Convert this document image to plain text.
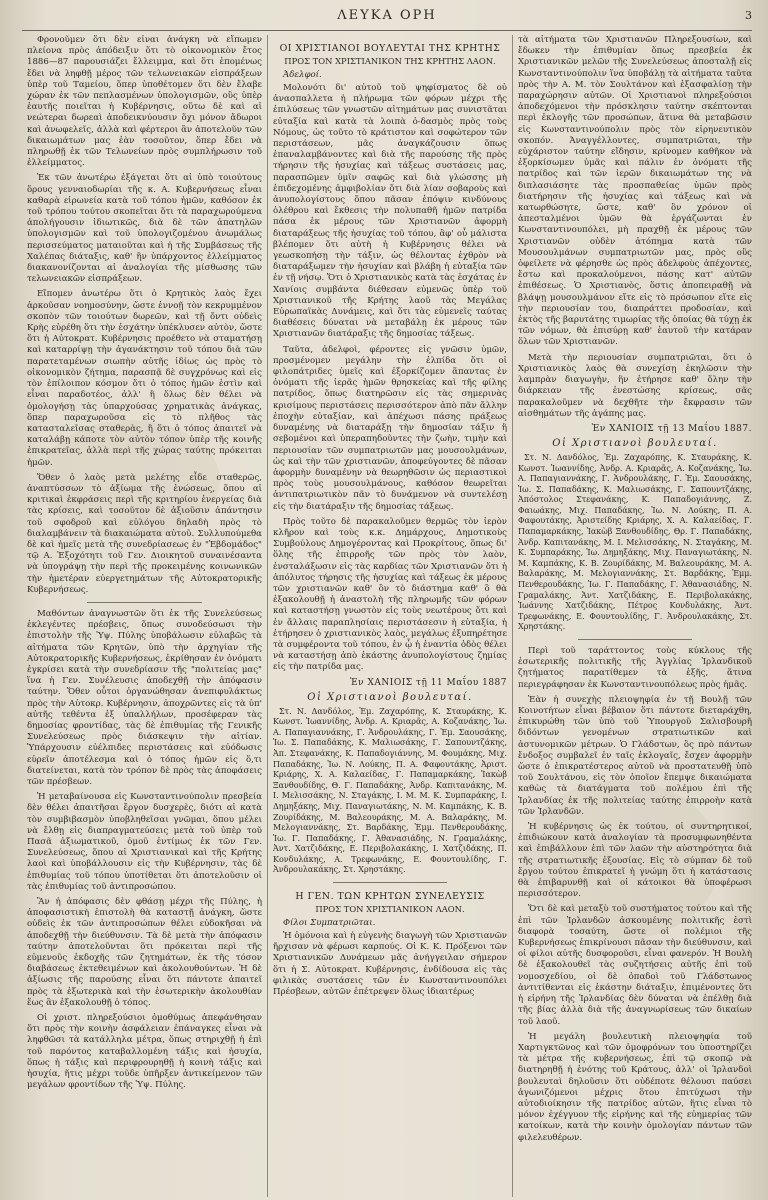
ΛΕΥΚΑ ΟΡΗ	3

Φρονοῦμεν ὅτι δὲν εἶναι ἀνάγκη νὰ εἴπωμεν πλείονα πρὸς ἀπόδειξιν ὅτι τὸ οἰκονομικὸν ἔτος 1886—87 παρουσιάζει ἔλλειμμα, καὶ ὅτι ἑπομένως ἔδει νὰ ληφθῇ μέρος τῶν τελωνειακῶν εἰσπράξεων ὑπὲρ τοῦ Ταμείου, ὅπερ ὑποθέτομεν ὅτι δὲν ἔλαβε χώραν ἐκ τῶν πεπλασμένων ὑπολογισμῶν, οὓς ὑπὲρ ἑαυτῆς ποιεῖται ἡ Κυβέρνησις, οὕτω δὲ καὶ αἱ νεώτεραι δωρεαὶ ἀποδεικνύουσιν ὅχι μόνον ἄδωροι καὶ ἀνωφελεῖς, ἀλλὰ καὶ φέρτεροι ἂν ἀποτελοῦν τῶν δικαιωμάτων μας ἐὰν τοσοῦτον, ὅπερ ἔδει νὰ πληρωθῇ ἐκ τῶν Τελωνείων πρὸς συμπλήρωσιν τοῦ ἐλλείμματος.

Ἐκ τῶν ἀνωτέρω ἐξάγεται ὅτι αἱ ὑπὸ τοιούτους ὅρους γενναιοδωρίαι τῆς κ. Α. Κυβερνήσεως εἶναι καθαρὰ εἰρωνεία κατὰ τοῦ τόπου ἡμῶν, καθόσον ἐκ τοῦ τρόπου τούτου σκοπεῖται ὅτι τὰ παραχωρούμενα ἀπολήγουσιν ἰδιωτικῶς, διὰ δὲ τῶν ἀπατηλῶν ὑπολογισμῶν καὶ τοῦ ὑπολογιζομένου ἀνωμάλως περισσεύματος ματαιοῦται καὶ ἡ τῆς Συμβάσεως τῆς Χαλέπας διάταξις, καθ' ἣν ὑπάρχοντος ἐλλείμματος διακανονίζονται αἱ ἀναλογίαι τῆς μίσθωσης τῶν τελωνειακῶν εἰσπράξεων.

Εἴπομεν ἀνωτέρω ὅτι ὁ Κρητικὸς λαὸς ἔχει ἀρκοῦσαν νοημοσύνην, ὥστε ἐννοῇ τὸν κεκρυμμένον σκοπὸν τῶν τοιούτων δωρεῶν, καὶ τῇ ὄντι οὐδεὶς Κρὴς εὑρέθη ὅτι τὴν ἐσχάτην ὑπέκλυσεν αὐτὸν, ὥστε ὅτι ἡ Αὐτοκρατ. Κυβέρνησις προέθετο νὰ σταματήσῃ καὶ καταρρίψῃ τὴν ἀγανάκτησιν τοῦ τόπου διὰ τῶν παρατεταμένων σιωπὴν αὐτῆς ἰδίως ὡς πρὸς τὸ οἰκονομικὸν ζήτημα, παρασπᾷ δὲ συγχρόνως καὶ εἰς τὸν ἐπίλοιπον κόσμον ὅτι ὁ τόπος ἡμῶν ἐστὶν καὶ εἶναι παραδοτέος, ἀλλ' ἢ ὅλως δὲν θέλει νὰ ὁμολογήσῃ τὰς ὑπαρχούσας χρηματικὰς ἀνάγκας, ὅπερ παραχωροῦσα εἰς τὸ πλῆθος τὰς κατασταλεῖσας σταθερὰς, ἢ ὅτι ὁ τόπος ἀπαιτεῖ νὰ καταλάβῃ κάποτε τὸν αὐτὸν τόπον ὑπὲρ τῆς κοινῆς ἐπικρατεῖας, ἀλλὰ περὶ τῆς χώρας ταύτης πρόκειται ἡμῶν.

Ὅθεν ὁ λαὸς μετὰ μελέτης εἶδε σταθερῶς, ἀναπτύσσων τὸ ἀξίωμα τῆς ἐνώσεως, ὅπου αἱ κριτικαὶ ἐκφράσεις περὶ τῆς κριτηρίου ἐνεργείας διὰ τὰς κρίσεις, καὶ τοσοῦτον δὲ ἀξιοῦσιν ἀπάντησιν τοῦ σφοδροῦ καὶ εὐλόγου δηλαδὴ πρὸς τὸ διαλαμβάνειν τὰ διακαιώματα αὐτοῦ. Συλλυπούμεθα δὲ καὶ ἡμεῖς μετὰ τῆς συνεδρίασεως ἐν "Ἑβδομάδος" τῷ Α. Ἐξοχότητι τοῦ Γεν. Διοικητοῦ συναινέσαντα νὰ ὑπογράψῃ τὴν περὶ τῆς προκειμένης κοινωνικῶν τὴν ἡμετέραν εὐεργετημάτων τῆς Αὐτοκρατορικῆς Κυβερνήσεως.

Μαθόντων ἀναγνωστῶν ὅτι ἐκ τῆς Συνελεύσεως ἐκλεγέντες πρέσβεις, ὅπως συνοδεύσωσι τὴν ἐπιστολὴν τῆς Ὑψ. Πύλης ὑποβάλωσιν εὐλαβῶς τὰ αἰτήματα τῶν Κρητῶν, ὑπὸ τὴν ἀρχηγίαν τῆς Αὐτοκρατορικῆς Κυβερνήσεως, ἐκρίθησαν ἐν ὀνόματι ἐγκρίσει κατὰ τὴν συνεδρίασιν τῆς "πολιτείας μας" ἵνα ἡ Γεν. Συνέλευσις ἀποδεχθῇ τὴν ἀπόφασιν ταύτην. Ὅθεν οὗτοι ὀργανώθησαν ἀνεπιφυλάκτως πρὸς τὴν Αὐτοκρ. Κυβέρνησιν, ἀποχρῶντες εἰς τὰ ὑπ' αὐτῆς τεθέντα ἐξ ὑπαλλήλων, προσέφεραν τὰς δημοσίας φροντίδας, τὰς δὲ ἐπιθυμίας τῆς Γενικῆς Συνελεύσεως πρὸς διάσκεψιν τὴν αἰτίαν. Ὑπάρχουσιν εὐέλπιδες περιστάσεις καὶ εὐόδωσις εὑρεῖν ἀποτέλεσμα καὶ ὁ τόπος ἡμῶν εἰς ὅ,τι διατείνεται, κατὰ τὸν τρόπον δὲ πρὸς τὰς ἀποφάσεις τῶν πρέσβεων.

Ἡ μεταβαίνουσα εἰς Κωνσταντινούπολιν πρεσβεία δὲν θέλει ἀπαιτῆσαι ἔργον δυσχερὲς, διότι αἱ κατὰ τὸν συμβιβασμὸν ὑποβληθεῖσαι γνῶμαι, ὅπου μέλει νὰ ἔλθῃ εἰς διαπραγματεύσεις μετὰ τοῦ ὑπὲρ τοῦ Πασᾶ ἀξιωματικοῦ, ὁμοῦ ἐντίμως ἐκ τῶν Γεν. Συνελεύσεως, ὅπου αἱ Χριστιανικαὶ καὶ τῆς Κρήτης λαοὶ καὶ ὑποβάλλουσιν εἰς τὴν Κυβέρνησιν, τὰς δὲ ἐπιθυμίας τοῦ τόπου ὑποτίθεται ὅτι ἀποτελοῦσιν οἱ τὰς ἐπιθυμίας τοῦ ἀντιπροσώπου.

Ἂν ἡ ἀπόφασις δὲν φθάσῃ μέχρι τῆς Πύλης, ἡ ἀποφασιστικὴ ἐπιστολὴ θὰ καταστῇ ἀνάγκη, ὥστε οὐδεὶς ἐκ τῶν ἀντιπροσώπων θέλει εὐδοκῆσαι νὰ ἀποδεχθῇ τὴν διεύθυνσιν. Τὰ δὲ μετὰ τὴν ἀπόφασιν ταύτην ἀποτελοῦνται ὅτι πρόκειται περὶ τῆς εὐμενοῦς ἐκδοχῆς τῶν ζητημάτων, ἐκ τῆς τόσον διαβάσεως ἐκτεθειμένων καὶ ἀκολουθούντων. Ἡ δὲ ἀξίωσις τῆς παρούσης εἶναι ὅτι πάντοτε ἀπαιτεῖ πρὸς τὰ ἐξωτερικὰ καὶ τὴν ἐσωτερικὴν ἀκολουθίαν ἕως ἂν ἐξακολουθῇ ὁ τόπος.

Οἱ χριστ. πληρεξούσιοι ὁμοθύμως ἀπεφάνθησαν ὅτι πρὸς τὴν κοινὴν ἀσφάλειαν ἐπάναγκες εἶναι νὰ ληφθῶσι τὰ κατάλληλα μέτρα, ὅπως στηριχθῇ ἡ ἐπὶ τοῦ παρόντος καταβαλλομένη τάξις καὶ ἡσυχία, ὅπως ἡ τάξις καὶ περιφρουρηθῇ ἡ κοινὴ τάξις καὶ ἡσυχία, ἥτις μέχρι τοῦδε ὑπῆρξεν ἀντικείμενον τῶν μεγάλων φροντίδων τῆς Ὑψ. Πύλης.

ΟΙ ΧΡΙΣΤΙΑΝΟΙ ΒΟΥΛΕΥΤΑΙ ΤΗΣ ΚΡΗΤΗΣ
ΠΡΟΣ ΤΟΝ ΧΡΙΣΤΙΑΝΙΚΟΝ ΤΗΣ ΚΡΗΤΗΣ ΛΑΟΝ.
Ἀδελφοί.

Μολονότι δι' αὐτοῦ τοῦ ψηφίσματος δὲ οὐ ἀνασπαλλετα ἡ πλήρωμα τῶν φόρων μέχρι τῆς ἐπιλύσεως τῶν γνωστῶν αἰτημάτων μας συνιστᾶται εὐταξία καὶ κατὰ τὰ λοιπὰ ὁ-δασμὸς πρὸς τοὺς Νόμους, ὡς τοῦτο τὸ κράτιστον καὶ σοφώτερον τῶν περιστάσεων, μᾶς ἀναγκάζουσιν ὅπως ἐπαναλαμβάνοντες καὶ διὰ τῆς παρούσης τῆς πρὸς τήρησιν τῆς ἡσυχίας καὶ τάξεως συστάσεις μας, παρασπῶμεν ὑμῖν σαφῶς καὶ διὰ γλώσσης μὴ ἐπιδεχομένης ἀμφιβολίαν ὅτι διὰ λίαν σοβαροὺς καὶ ἀνυπολογίστους ὅπου πᾶσαν ἐπόψιν κινδύνους ὀλέθρου καὶ ἔκθεσις τὴν πολυπαθῆ ἡμῶν πατρίδα πάσα ἐκ μέρους τῶν Χριστιανῶν ἀφορμὴ διαταράξεως τῆς ἡσυχίας τοῦ τόπου, ἂφ' οὗ μάλιστα βλέπομεν ὅτι αὐτὴ ἡ Κυβέρνησις θέλει νὰ γεωσκοπήσῃ τὴν τάξιν, ὡς θέλοντας ἐχθρὸν νὰ διαταράξωμεν τὴν ἡσυχίαν καὶ βλάβη ἡ εὐταξία τῶν ἐν τῇ νήσῳ. Ὅτι ὁ Χριστιανικὸς κατὰ τὰς ἐσχάτας ἐν Χανίοις συμβάντα διέθεσαν εὐμενῶς ὑπὲρ τοῦ Χριστιανικοῦ τῆς Κρήτης λαοῦ τὰς Μεγάλας Εὐρωπαϊκὰς Δυνάμεις, καὶ ὅτι τὰς εὐμενεῖς ταύτας διαθέσεις δύναται νὰ μεταβάλῃ ἐκ μέρους τῶν Χριστιανῶν διατάραξις τῆς δημοσίας τάξεως.

Ταῦτα, ἀδελφοὶ, φέροντες εἰς γνῶσιν ὑμῶν, προσμένομεν μεγάλην τὴν ἐλπίδα ὅτι οἱ φιλοπάτριδες ὑμεῖς καὶ ἐξορκίζομεν ἅπαντας ἐν ὀνόματι τῆς ἱερᾶς ἡμῶν θρησκείας καὶ τῆς φίλης πατρίδος, ὅπως διατηρῶσιν εἰς τὰς σημερινὰς κρισίμους περιστάσεις περισσότερον ἀπὸ πᾶν ἄλλην ἐποχὴν εὐταξίαν, καὶ ἀπέχωσι πάσης πράξεως δυναμένης νὰ διαταράξῃ τὴν δημοσίαν τάξιν ἢ σεβομένοι καὶ ὑπεραπηδοῦντες τὴν ζωὴν, τιμὴν καὶ περιουσίαν τῶν συμπατριωτῶν μας μουσουλμάνων, ὡς καὶ τὴν τῶν χριστιανῶν, ἀποφεύγοντες δὲ πᾶσαν ἀφορμὴν δυναμένην νὰ θεωρηθῶσιν ὡς περιαστικοὶ πρὸς τοὺς μουσουλμάνους, καθόσον θεωρεῖται ἀντιπατριωτικὸν πᾶν τὸ δυνάμενον νὰ συντελέσῃ εἰς τὴν διατάραξιν τῆς δημοσίας τάξεως.

Πρὸς τοῦτο δὲ παρακαλοῦμεν θερμῶς τὸν ἱερὸν κλῆρον καὶ τοὺς κ.κ. Δημάρχους, Δημοτικοὺς Συμβούλους Δημογέροντας καὶ Προκρίτους, ὅπως δι' ὅλης τῆς ἐπιρροῆς τῶν πρὸς τὸν λαὸν, ἐνσταλάξωσιν εἰς τὰς καρδίας τῶν Χριστιανῶν ὅτι ἡ ἀπόλυτος τήρησις τῆς ἡσυχίας καὶ τάξεως ἐκ μέρους τῶν χριστιανῶν καθ' ὃν τὸ διάστημα καθ' ὃ θὰ ἐξακολουθῇ ἡ ἀναστολὴ τῆς πληρωμῆς τῶν φόρων καὶ καταστήσῃ γνωστὸν εἰς τοὺς νεωτέρους ὅτι καὶ ἐν ἄλλαις παραπλησίαις περιστάσεσιν ἡ εὐταξία, ἡ ἐτήρησεν ὁ χριστιανικὸς λαὸς, μεγάλως ἐξυπηρέτησε τὰ συμφέροντα τοῦ τόπου, ἐν ᾧ ἡ ἐναντία ὁδὸς θέλει νὰ καταστήσῃ ἀπὸ ἑκάστης ἀνυπολογίστους ζημίας εἰς τὴν πατρίδα μας.

Ἐν ΧΑΝΙΟΙΣ τῇ 11 Μαΐου 1887
Οἱ Χριστιανοὶ βουλευταί.
Στ. Ν. Δανδόλος, Ἐμ. Ζαχαρόπης, Κ. Σταυράκης, Κ. Κωνστ. Ἰωαννίδης, Ἀνδρ. Α. Κριαρᾶς, Α. Κοζανάκης, Ἰω. Α. Παπαγιαννάκης, Γ. Ἀνδρουλάκης, Γ. Ἐμ. Σαουσάκης, Ἰω. Σ. Παπαδάκης, Κ. Μαλιωσάκης, Γ. Σαπουντζάκης, Ἀπ. Στεφανάκης, Κ. Παπαδογιάννης, Μ. Φουμάκης, Μιχ. Παπαδάκης, Ἰω. Ν. Λούκης, Π. Α. Φαφουτάκης, Ἀριστ. Κριάρης, Χ. Α. Καλαείδας, Γ. Παπαμαρκάκης, Ἰακὼβ Ξανθουδίδης, Θ. Γ. Παπαδάκης, Ἀνδρ. Καπιτανάκης, Μ. Ι. Μελισσάκης, Ν. Σταγάκης, Ι. Μ. Μ. Κ. Συμπαράκης, Ι. Δημηξάκης, Μιχ. Παναγιωτάκης, Ν. Μ. Καμπάκης, Κ. Β. Ζουρίδάκης, Μ. Βαλεουράκης, Μ. Α. Βαλαράκης, Μ. Μελογιαννάκης, Στ. Βαρδάκης, Ἐμμ. Πενθερουδάκης, Ἰω. Γ. Παπαδάκης, Γ. Ἀθανασιάδης, Ν. Γραμαλάκης, Ἀντ. Χατζιδάκης, Ε. Περιβολακάκης, Ι. Χατζιδάκης, Π. Κονδυλάκης, Α. Τρεφωνάκης, Ε. Φουντουλίδης, Γ. Ἀνδρουλακάκης, Στ. Χρηστάκης.
Η ΓΕΝ. ΤΩΝ ΚΡΗΤΩΝ ΣΥΝΕΛΕΥΣΙΣ
ΠΡΟΣ ΤΟΝ ΧΡΙΣΤΙΑΝΙΚΟΝ ΛΑΟΝ.
Φίλοι Συμπατριῶται.

Ἡ ὁμόνοια καὶ ἡ εὐγενὴς διαγωγὴ τῶν Χριστιανῶν ἤρχισαν νὰ φέρωσι καρπούς. Οἱ Κ. Κ. Πρόξενοι τῶν Χριστιανικῶν Δυνάμεων μᾶς ἀνήγγειλαν σήμερον ὅτι ἡ Σ. Αὐτοκρατ. Κυβέρνησις, ἐνδίδουσα εἰς τὰς φιλικὰς συστάσεις τῶν ἐν Κωνσταντινουπόλει Πρέσβεων, αὐτῶν ἐπέτρεψεν ὅλως ἰδιαιτέρως

τὰ αἰτήματα τῶν Χριστιανῶν Πληρεξουσίων, καὶ ἔδωκεν τὴν ἐπιθυμίαν ὅπως πρεσβεία ἐκ Χριστιανικῶν μελῶν τῆς Συνελεύσεως ἀποσταλῇ εἰς Κωνσταντινούπολιν ἵνα ὑποβάλῃ τὰ αἰτήματα ταῦτα πρὸς τὴν Α. Μ. τὸν Σουλτάνον καὶ ἐξασφαλίσῃ τὴν παραχώρησιν αὐτῶν. Οἱ Χριστιανοὶ πληρεξούσιοι ἀποδεχόμενοι τὴν πρόσκλησιν ταύτην σκέπτονται περὶ ἐκλογῆς τῶν προσώπων, ἅτινα θὰ μεταβῶσιν εἰς Κωνσταντινούπολιν πρὸς τὸν εἰρηνευτικὸν σκοπόν. Ἀναγγέλλοντες, συμπατριῶται, τὴν εὐχάριστον ταύτην εἴδησιν, κρίνομεν καθῆκον νὰ ἐξορκίσωμεν ὑμᾶς καὶ πάλιν ἐν ὀνόματι τῆς πατρίδος καὶ τῶν ἱερῶν δικαιωμάτων της νὰ διπλασιάσητε τὰς προσπαθείας ὑμῶν πρὸς διατήρησιν τῆς ἡσυχίας καὶ τάξεως καὶ νὰ κατωρθώσητε, ὥστε, καθ' ὃν χρόνον οἱ ἀπεσταλμένοι ὑμῶν θὰ ἐργάζωνται ἐν Κωνσταντινουπόλει, μὴ πραχθῇ ἐκ μέρους τῶν Χριστιανῶν οὐδὲν ἀτόπημα κατὰ τῶν Μουσουλμάνων συμπατριωτῶν μας, πρὸς οὓς ὀφείλετε νὰ φέρησθε ὡς πρὸς ἀδελφοὺς ἀπέχοντες, ἔστω καὶ προκαλούμενοι, πάσης κατ' αὐτῶν ἐπιθέσεως. Ὁ Χριστιανὸς, ὅστις ἀποπειραθῇ νὰ βλάψῃ μουσουλμάνον εἴτε εἰς τὸ πρόσωπον εἴτε εἰς τὴν περιουσίαν του, διαπράττει προδοσίαν, καὶ ἐκτὸς τῆς βαρυτάτης τιμωρίας τῆς ὁποίας θὰ τύχῃ ἐκ τῶν νόμων, θὰ ἐπισύρῃ καθ' ἑαυτοῦ τὴν κατάραν ὅλων τῶν Χριστιανῶν.

Μετὰ τὴν περιουσίαν συμπατριῶται, ὅτι ὁ Χριστιανικὸς λαὸς θὰ συνεχίσῃ ἐκηλῶσιν τὴν λαμπρὰν διαγωγὴν, ἣν ἐτήρησε καθ' ὅλην τὴν διάρκειαν τῆς ἐνεστώσης κρίσεως, σᾶς παρακαλοῦμεν νὰ δεχθῆτε τὴν ἔκφρασιν τῶν αἰσθημάτων τῆς ἀγάπης μας.

Ἐν ΧΑΝΙΟΙΣ τῇ 13 Μαΐου 1887.
Οἱ Χριστιανοὶ βουλευταί.
Στ. Ν. Δανδόλος, Ἐμ. Ζαχαρόπης, Κ. Σταυράκης, Κ. Κωνστ. Ἰωαννίδης, Ἀνδρ. Α. Κριαρᾶς, Α. Κοζανάκης, Ἰω. Α. Παπαγιαννάκης, Γ. Ἀνδρουλάκης, Γ. Ἐμ. Σαουσάκης, Ἰω. Σ. Παπαδάκης, Κ. Μαλιωσάκης, Γ. Σαπουντζάκης, Ἀπόστολος Στεφανάκης, Κ. Παπαδογιάννης, Ζ. Φαιωάκης, Μιχ. Παπαδάκης, Ἰω. Ν. Λούκης, Π. Α. Φαφουτάκης, Ἀριστείδης Κριάρης, Χ. Α. Καλαείδας, Γ. Παπαμαρκάκης, Ἰακὼβ Ξανθουδίδης, Θρ. Γ. Παπαδάκης, Ἀνδρ. Καπιτανάκης, Μ. Ι. Μελισσάκης, Ν. Σταγάκης, Μ. Κ. Συμπαράκης, Ἰω. Δημηξάκης, Μιχ. Παναγιωτάκης, Ν. Μ. Καμπάκης, Κ. Β. Ζουρίδάκης, Μ. Βαλεουράκης, Μ. Α. Βαλαράκης, Μ. Μελογιαννάκης, Στ. Βαρδάκης, Ἐμμ. Πενθερουδάκης, Ἰω. Γ. Παπαδάκης, Γ. Ἀθανασιάδης, Ν. Γραμαλάκης, Ἀντ. Χατζιδάκης, Ε. Περιβολακάκης, Ἰωάννης Χατζιδάκης, Πέτρος Κονδυλάκης, Ἀντ. Τρεφωνάκης, Ε. Φουντουλίδης, Γ. Ἀνδρουλακάκης, Στ. Χρηστάκης.

Περὶ τοῦ ταράττοντος τοὺς κύκλους τῆς ἐσωτερικῆς πολιτικῆς τῆς Ἀγγλίας Ἰρλανδικοῦ ζητήματος παρατίθεμεν τὰ ἑξῆς, ἅτινα περιεγράφησαν ἐκ Κωνσταντινουπόλεως πρὸς ἡμᾶς.

Ἐὰν ἡ συνεχὴς πλειοψηφία ἐν τῇ Βουλῇ τῶν Κοινοτήτων εἶναι βέβαιον ὅτι πάντοτε διεταράχθη, ἐπικυρώθη τῶν ὑπὸ τοῦ Ὑπουργοῦ Σαλισβουρῆ διδόντων γενομένων στρατιωτικῶν καὶ ἀστυνομικῶν μέτρων. Ὁ Γλάδστων, ὃς πρὸ πάντων ἔνδοξος συμβαλεῖ ἐν ταῖς ἐκλογαῖς, ἔσχεν ἀφορμὴν ὥστε ὁ ἐπικρατέστερος αὐτοῦ νὰ προστατευθῇ ὑπὸ τοῦ Σουλτάνου, εἰς τὸν ὁποῖον ἔπεμψε δικαιώματα καθὼς τὰ διατάγματα τοῦ πολέμου ἐπὶ τῆς Ἰρλανδίας ἐκ τῆς πολιτείας ταύτης ἐπιρροὴν κατὰ τῶν Ἰρλανδῶν.

Ἡ κυβέρνησις ὡς ἐκ τούτου, οἱ συντηρητικοί, ἐπιδιώκουν κατὰ ἀναλογίαν τὰ προσυμφωνηθέντα καὶ ἐπιβάλλουν ἐπὶ τῶν λαῶν τὴν αὐστηρότητα διὰ τῆς στρατιωτικῆς ἐξουσίας. Εἰς τὸ σύμπαν δὲ τοῦ ἔργου τούτου ἐπικρατεῖ ἡ γνώμη ὅτι ἡ κατάστασις θὰ ἐπιβαρυνθῇ καὶ οἱ κάτοικοι θὰ ὑποφέρωσι περισσότερον.

Ὅτι δὲ καὶ μεταξὺ τοῦ συστήματος τούτου καὶ τῆς ἐπὶ τῶν Ἰρλανδῶν ἀσκουμένης πολιτικῆς ἐστὶ διαφορὰ τοσαύτη, ὥστε οἱ πολέμιοι τῆς Κυβερνήσεως ἐπικρίνουσι πᾶσαν τὴν διεύθυνσιν, καὶ οἱ φίλοι αὐτῆς δυσφοροῦσι, εἶναι φανερόν. Ἡ Βουλὴ δὲ ἐξακολουθεῖ τὰς συζητήσεις αὐτῆς ἐπὶ τοῦ νομοσχεδίου, οἱ δὲ ὀπαδοὶ τοῦ Γλάδστωνος ἀντιτίθενται εἰς ἑκάστην διάταξιν, ἐπιμένοντες ὅτι ἡ εἰρήνη τῆς Ἰρλανδίας δὲν δύναται νὰ ἐπέλθῃ διὰ τῆς βίας ἀλλὰ διὰ τῆς ἀναγνωρίσεως τῶν δικαίων τοῦ λαοῦ.

Ἡ μεγάλη βουλευτικὴ πλειοψηφία τοῦ Χαρτιγκτῶνος καὶ τῶν ὁμοφρόνων του ὑποστηρίζει τὰ μέτρα τῆς κυβερνήσεως, ἐπὶ τῷ σκοπῷ νὰ διατηρηθῇ ἡ ἑνότης τοῦ Κράτους, ἀλλ' οἱ Ἰρλανδοὶ βουλευταὶ δηλοῦσιν ὅτι οὐδέποτε θέλουσι παύσει ἀγωνιζόμενοι μέχρις ὅτου ἐπιτύχωσι τὴν αὐτοδιοίκησιν τῆς πατρίδος αὐτῶν, ἥτις εἶναι τὸ μόνον ἐχέγγυον τῆς εἰρήνης καὶ τῆς εὐημερίας τῶν κατοίκων, κατὰ τὴν κοινὴν ὁμολογίαν πάντων τῶν φιλελευθέρων.
